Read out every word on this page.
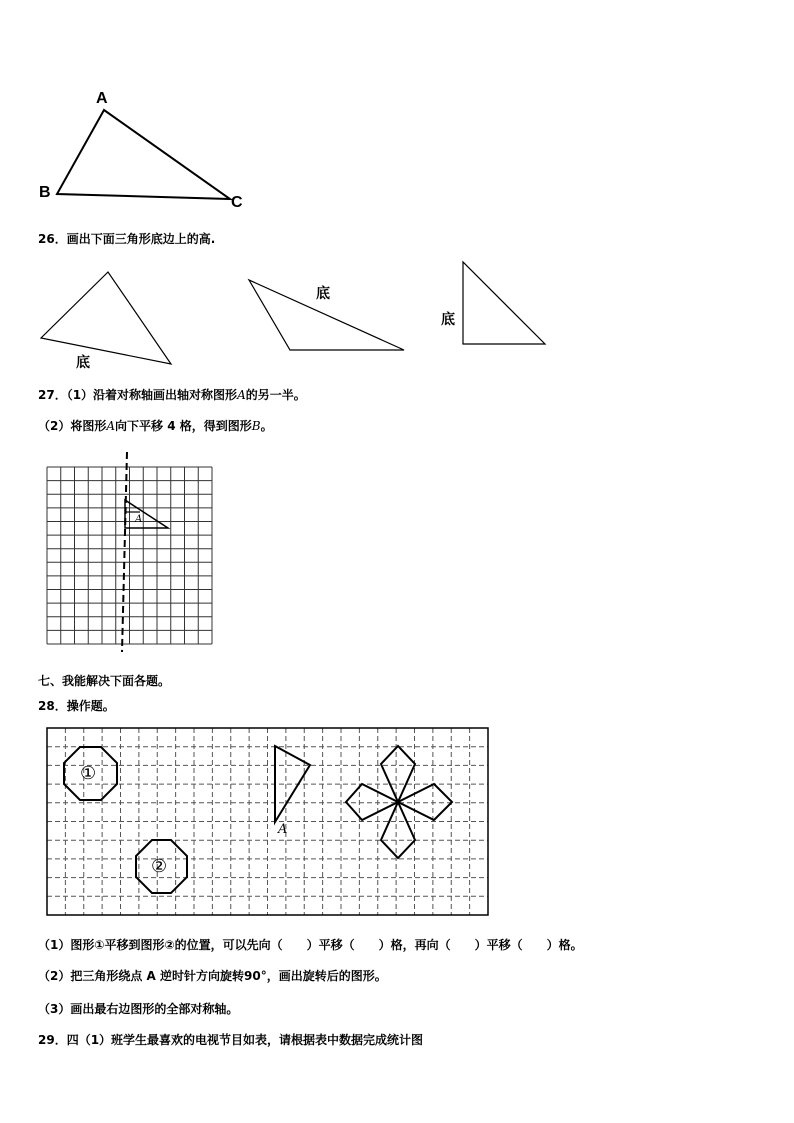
A
B
C
26．画出下面三角形底边上的高.
底
底
底
27．（1）沿着对称轴画出轴对称图形A的另一半。
（2）将图形A向下平移 4 格，得到图形B。
A
七、我能解决下面各题。
28．操作题。
①
②
A
（1）图形①平移到图形②的位置，可以先向（　　）平移（　　）格，再向（　　）平移（　　）格。
（2）把三角形绕点 A 逆时针方向旋转90°，画出旋转后的图形。
（3）画出最右边图形的全部对称轴。
29．四（1）班学生最喜欢的电视节目如表，请根据表中数据完成统计图
